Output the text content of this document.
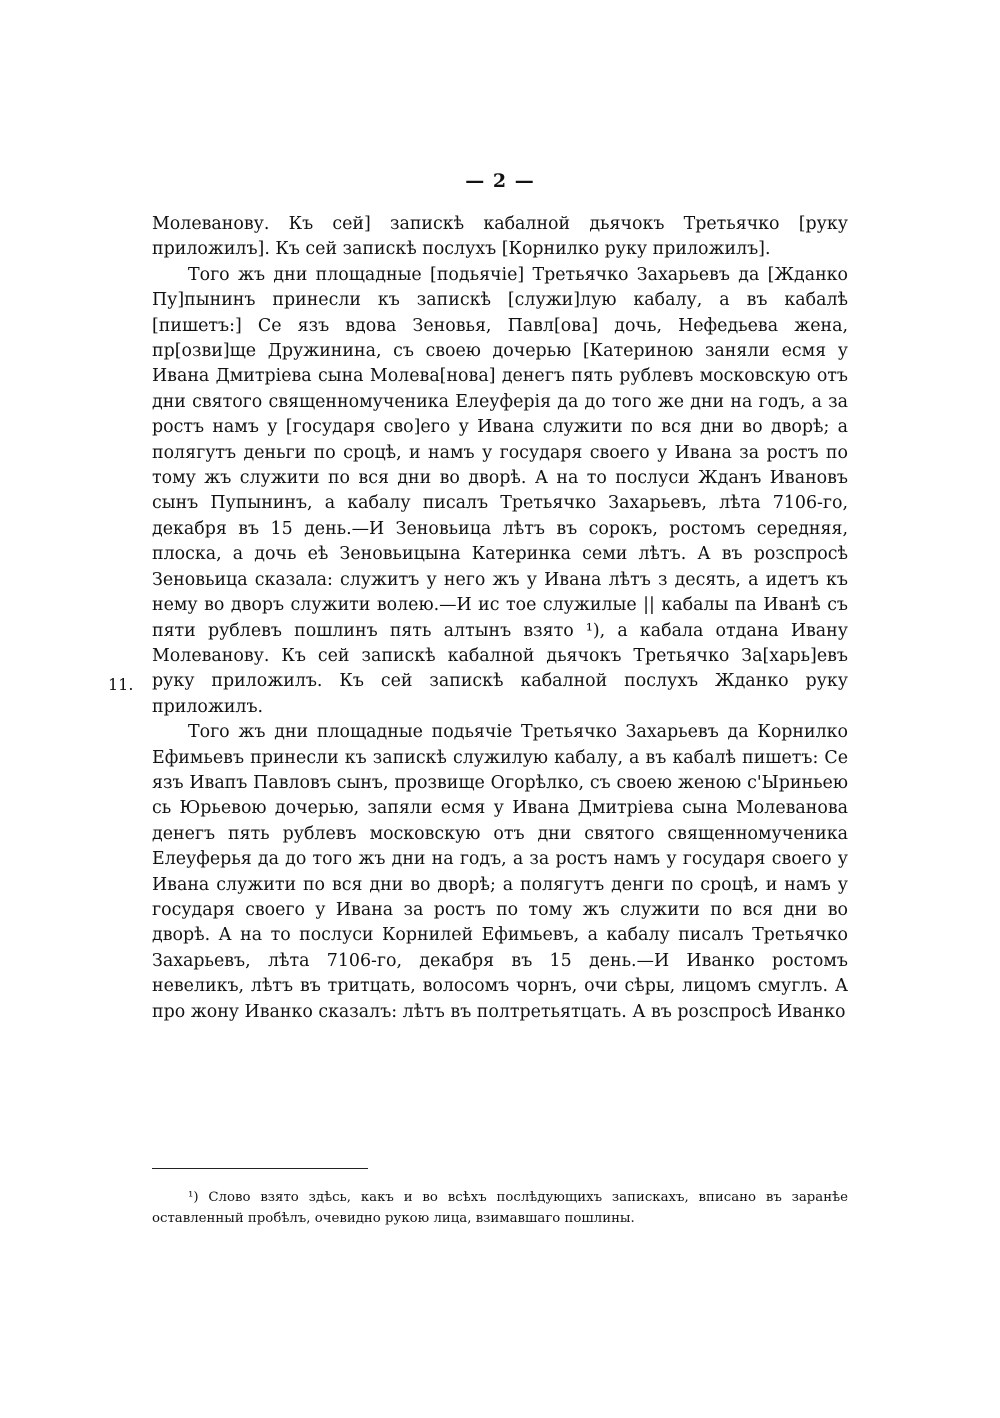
— 2 —
11.

Молеванову. Къ сей] запискѣ кабалной дьячокъ Третьячко [руку приложилъ]. Къ сей запискѣ послухъ [Корнилко руку приложилъ].

Того жъ дни площадные [подьячіе] Третьячко Захарьевъ да [Жданко Пу]пынинъ принесли къ запискѣ [служи]лую кабалу, а въ кабалѣ [пишетъ:] Се язъ вдова Зеновья, Павл[ова] дочь, Нефедьева жена, пр[озви]ще Дружинина, съ своею дочерью [Катериною заняли есмя у Ивана Дмитріева сына Молева[нова] денегъ пять рублевъ московскую отъ дни святого священномученика Елеуферія да до того же дни на годъ, а за ростъ намъ у [государя сво]его у Ивана служити по вся дни во дворѣ; а полягутъ деньги по сроцѣ, и намъ у государя своего у Ивана за ростъ по тому жъ служити по вся дни во дворѣ. А на то послуси Жданъ Ивановъ сынъ Пупынинъ, а кабалу писалъ Третьячко Захарьевъ, лѣта 7106-го, декабря въ 15 день.—И Зеновьица лѣтъ въ сорокъ, ростомъ середняя, плоска, а дочь еѣ Зеновьицына Катеринка семи лѣтъ. А въ розспросѣ Зеновьица сказала: служитъ у него жъ у Ивана лѣтъ з десять, а идетъ къ нему во дворъ служити волею.—И ис тое служилые || кабалы па Иванѣ съ пяти рублевъ пошлинъ пять алтынъ взято ¹), а кабала отдана Ивану Молеванову. Къ сей запискѣ кабалной дьячокъ Третьячко За[харь]евъ руку приложилъ. Къ сей запискѣ кабалной послухъ Жданко руку приложилъ.

Того жъ дни площадные подьячіе Третьячко Захарьевъ да Корнилко Ефимьевъ принесли къ запискѣ служилую кабалу, а въ кабалѣ пишетъ: Се язъ Ивапъ Павловъ сынъ, прозвище Огорѣлко, съ своею женою с'Ыриньею сь Юрьевою дочерью, запяли есмя у Ивана Дмитріева сына Молеванова денегъ пять рублевъ московскую отъ дни святого священномученика Елеуферья да до того жъ дни на годъ, а за ростъ намъ у государя своего у Ивана служити по вся дни во дворѣ; а полягутъ денги по сроцѣ, и намъ у государя своего у Ивана за ростъ по тому жъ служити по вся дни во дворѣ. А на то послуси Корнилей Ефимьевъ, а кабалу писалъ Третьячко Захарьевъ, лѣта 7106-го, декабря въ 15 день.—И Иванко ростомъ невеликъ, лѣтъ въ тритцать, волосомъ чорнъ, очи сѣры, лицомъ смуглъ. А про жону Иванко сказалъ: лѣтъ въ полтретьятцать. А въ розспросѣ Иванко

¹) Слово взято здѣсь, какъ и во всѣхъ послѣдующихъ запискахъ, вписано въ заранѣе оставленный пробѣлъ, очевидно рукою лица, взимавшаго пошлины.
